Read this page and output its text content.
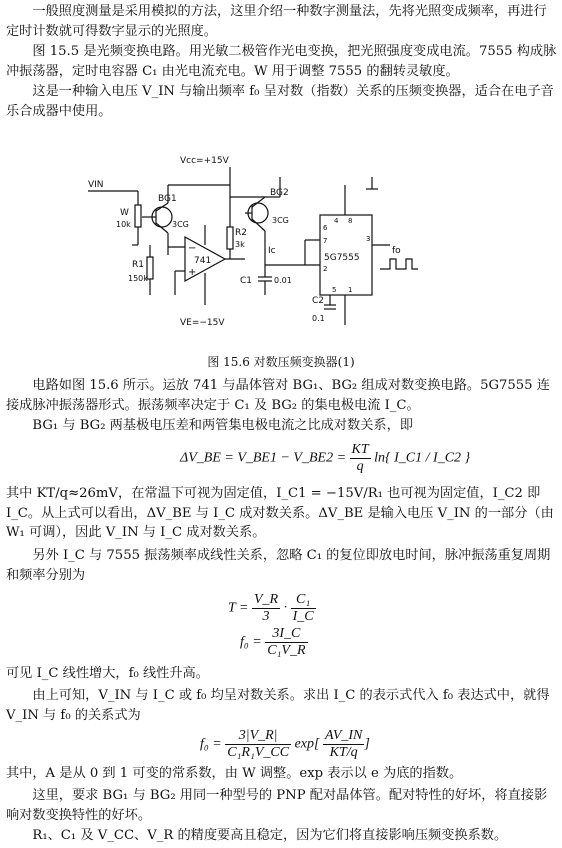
一般照度测量是采用模拟的方法，这里介绍一种数字测量法，先将光照变成频率，再进行定时计数就可得数字显示的光照度。

图 15.5 是光频变换电路。用光敏二极管作光电变换，把光照强度变成电流。7555 构成脉冲振荡器，定时电容器 C₁ 由光电流充电。W 用于调整 7555 的翻转灵敏度。

这是一种输入电压 V_IN 与输出频率 f₀ 呈对数（指数）关系的压频变换器，适合在电子音乐合成器中使用。

Vcc=+15V
VE=−15V
VIN
W
10k
BG1
3CG
R1
150k
741
−
+
R2
3k
BG2
3CG
Ic
C1	0.01
5G7555
C2
0.1
fo
6
7
2
3
8
4
5 1
图 15.6 对数压频变换器(1)

电路如图 15.6 所示。运放 741 与晶体管对 BG₁、BG₂ 组成对数变换电路。5G7555 连接成脉冲振荡器形式。振荡频率决定于 C₁ 及 BG₂ 的集电极电流 I_C。

BG₁ 与 BG₂ 两基极电压差和两管集电极电流之比成对数关系，即

ΔV_BE = V_BE1 − V_BE2 = $\frac{KT}{q} \ln${ I_C1 / I_C2 }

其中 KT/q≈26mV，在常温下可视为固定值，I_C1 = −15V/R₁ 也可视为固定值，I_C2 即 I_C。从上式可以看出，ΔV_BE 与 I_C 成对数关系。ΔV_BE 是输入电压 V_IN 的一部分（由 W₁ 可调），因此 V_IN 与 I_C 成对数关系。

另外 I_C 与 7555 振荡频率成线性关系，忽略 C₁ 的复位即放电时间，脉冲振荡重复周期和频率分别为

$T = \frac{V\_R}{3} \cdot \frac{\text{C₁}}{I\_C}$
$f_0 = \frac{3I\_C}{\text{C₁V\_R}}$

可见 I_C 线性增大，f₀ 线性升高。

由上可知，V_IN 与 I_C 或 f₀ 均呈对数关系。求出 I_C 的表示式代入 f₀ 表达式中，就得 V_IN 与 f₀ 的关系式为

$f_0 = \frac{3|V\_R|}{\text{C₁R₁V\_CC}} \exp[ \frac{AV\_IN}{KT/q}$ ]

其中，A 是从 0 到 1 可变的常系数，由 W 调整。exp 表示以 e 为底的指数。

这里，要求 BG₁ 与 BG₂ 用同一种型号的 PNP 配对晶体管。配对特性的好坏，将直接影响对数变换特性的好坏。

R₁、C₁ 及 V_CC、V_R 的精度要高且稳定，因为它们将直接影响压频变换系数。
